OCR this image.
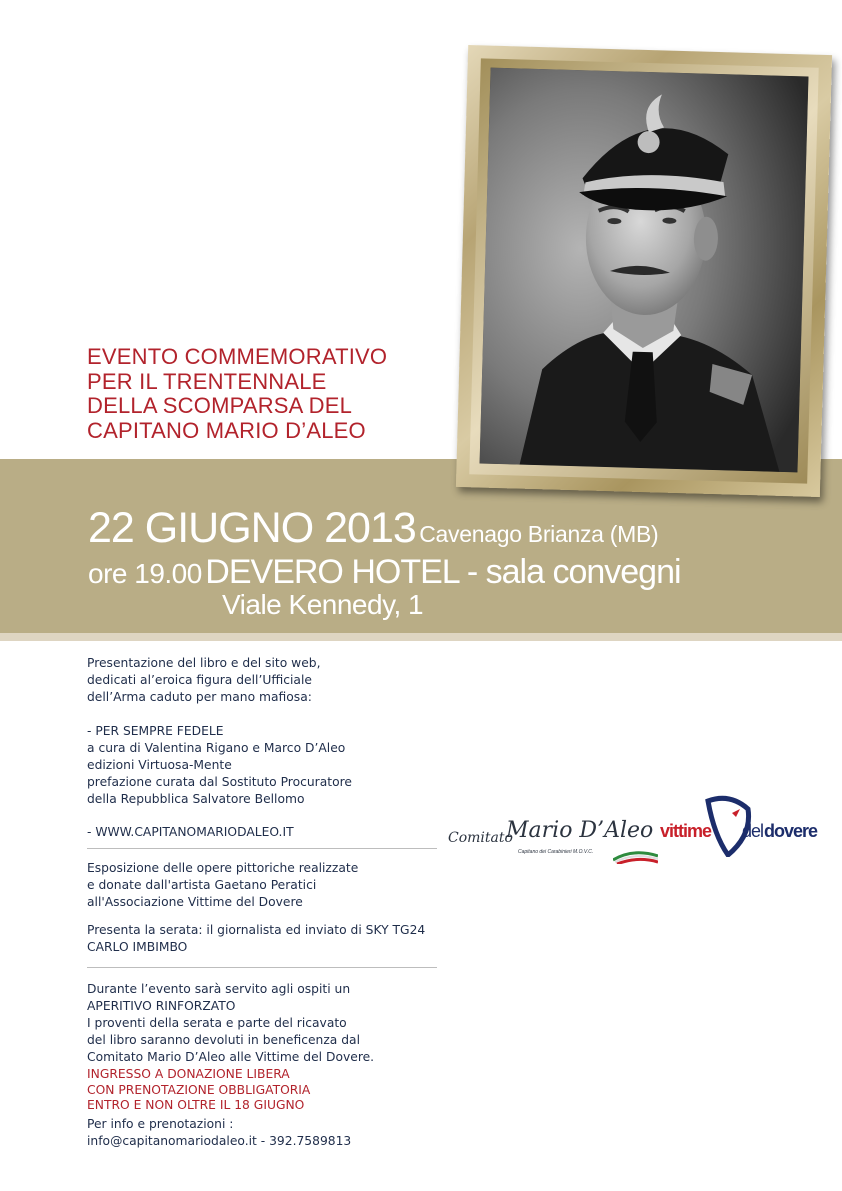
EVENTO COMMEMORATIVO
PER IL TRENTENNALE
DELLA SCOMPARSA DEL
CAPITANO MARIO D’ALEO
22 GIUGNO 2013 Cavenago Brianza (MB)
ore 19.00 DEVERO HOTEL - sala convegni
Viale Kennedy, 1
Presentazione del libro e del sito web,
dedicati al’eroica figura dell’Ufficiale
dell’Arma caduto per mano mafiosa:
- PER SEMPRE FEDELE
a cura di Valentina Rigano e Marco D’Aleo
edizioni Virtuosa-Mente
prefazione curata dal Sostituto Procuratore
della Repubblica Salvatore Bellomo
- WWW.CAPITANOMARIODALEO.IT
Esposizione delle opere pittoriche realizzate
e donate dall'artista Gaetano Peratici
all'Associazione Vittime del Dovere
Presenta la serata: il giornalista ed inviato di SKY TG24
CARLO IMBIMBO
Durante l’evento sarà servito agli ospiti un
APERITIVO RINFORZATO
I proventi della serata e parte del ricavato
del libro saranno devoluti in beneficenza dal
Comitato Mario D’Aleo alle Vittime del Dovere.
INGRESSO A DONAZIONE LIBERA
CON PRENOTAZIONE OBBLIGATORIA
ENTRO E NON OLTRE IL 18 GIUGNO
Per info e prenotazioni :
info@capitanomariodaleo.it - 392.7589813
Comitato
Mario D’Aleo
Capitano dei Carabinieri M.O.V.C.
vittime del dovere
